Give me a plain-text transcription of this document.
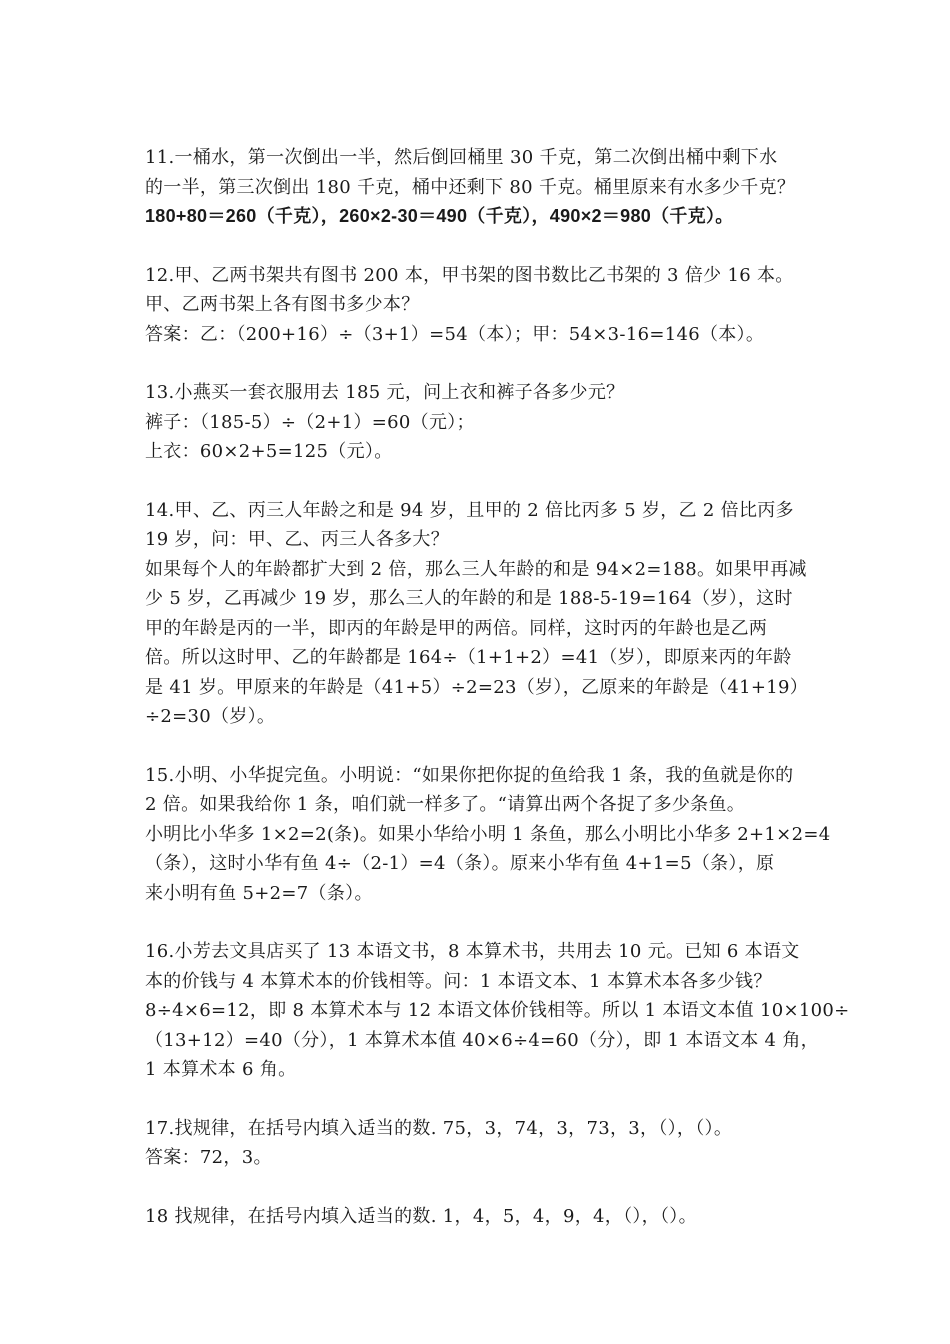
11.一桶水，第一次倒出一半，然后倒回桶里 30 千克，第二次倒出桶中剩下水
的一半，第三次倒出 180 千克，桶中还剩下 80 千克。桶里原来有水多少千克？
180+80＝260（千克），260×2-30＝490（千克），490×2＝980（千克）。
12.甲、乙两书架共有图书 200 本，甲书架的图书数比乙书架的 3 倍少 16 本。
甲、乙两书架上各有图书多少本？
答案：乙：（200+16）÷（3+1）=54（本）；甲：54×3-16=146（本）。
13.小燕买一套衣服用去 185 元，问上衣和裤子各多少元？
裤子：（185-5）÷（2+1）=60（元）；
上衣：60×2+5=125（元）。
14.甲、乙、丙三人年龄之和是 94 岁，且甲的 2 倍比丙多 5 岁，乙 2 倍比丙多
19 岁，问：甲、乙、丙三人各多大？
如果每个人的年龄都扩大到 2 倍，那么三人年龄的和是 94×2=188。如果甲再减
少 5 岁，乙再减少 19 岁，那么三人的年龄的和是 188-5-19=164（岁），这时
甲的年龄是丙的一半，即丙的年龄是甲的两倍。同样，这时丙的年龄也是乙两
倍。所以这时甲、乙的年龄都是 164÷（1+1+2）=41（岁），即原来丙的年龄
是 41 岁。甲原来的年龄是（41+5）÷2=23（岁），乙原来的年龄是（41+19）
÷2=30（岁）。
15.小明、小华捉完鱼。小明说：“如果你把你捉的鱼给我 1 条，我的鱼就是你的
2 倍。如果我给你 1 条，咱们就一样多了。“请算出两个各捉了多少条鱼。
小明比小华多 1×2=2(条)。如果小华给小明 1 条鱼，那么小明比小华多 2+1×2=4
（条），这时小华有鱼 4÷（2-1）=4（条）。原来小华有鱼 4+1=5（条），原
来小明有鱼 5+2=7（条）。
16.小芳去文具店买了 13 本语文书，8 本算术书，共用去 10 元。已知 6 本语文
本的价钱与 4 本算术本的价钱相等。问：1 本语文本、1 本算术本各多少钱？
8÷4×6=12，即 8 本算术本与 12 本语文体价钱相等。所以 1 本语文本值 10×100÷
（13+12）=40（分），1 本算术本值 40×6÷4=60（分），即 1 本语文本 4 角，
1 本算术本 6 角。
17.找规律，在括号内填入适当的数. 75，3，74，3，73，3，（），（）。
答案：72，3。
18 找规律，在括号内填入适当的数. 1，4，5，4，9，4，（），（）。
